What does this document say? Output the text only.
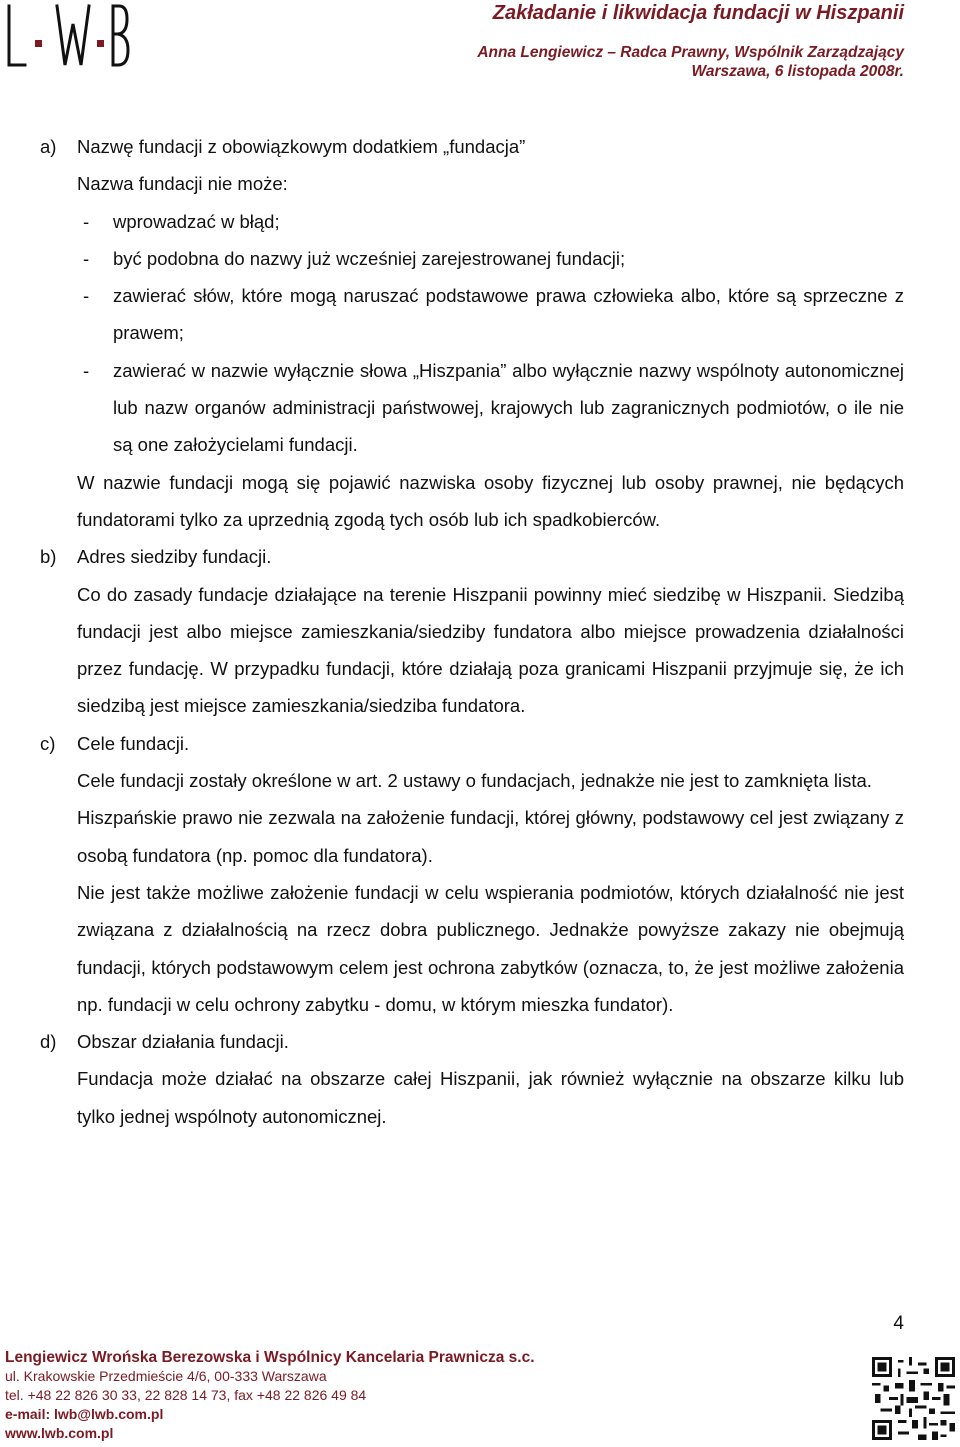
Zakładanie i likwidacja fundacji w Hiszpanii
Anna Lengiewicz – Radca Prawny, Wspólnik Zarządzający
Warszawa, 6 listopada 2008r.

a)	Nazwę fundacji z obowiązkowym dodatkiem „fundacja”

Nazwa fundacji nie może:

-	wprowadzać w błąd;
-	być podobna do nazwy już wcześniej zarejestrowanej fundacji;
-	zawierać słów, które mogą naruszać podstawowe prawa człowieka albo, które są sprzeczne z prawem;
-	zawierać w nazwie wyłącznie słowa „Hiszpania” albo wyłącznie nazwy wspólnoty autonomicznej lub nazw organów administracji państwowej, krajowych lub zagranicznych podmiotów, o ile nie są one założycielami fundacji.

W nazwie fundacji mogą się pojawić nazwiska osoby fizycznej lub osoby prawnej, nie będących fundatorami tylko za uprzednią zgodą tych osób lub ich spadkobierców.

b)	Adres siedziby fundacji.

Co do zasady fundacje działające na terenie Hiszpanii powinny mieć siedzibę w Hiszpanii. Siedzibą fundacji jest albo miejsce zamieszkania/siedziby fundatora albo miejsce prowadzenia działalności przez fundację. W przypadku fundacji, które działają poza granicami Hiszpanii przyjmuje się, że ich siedzibą jest miejsce zamieszkania/siedziba fundatora.

c)	Cele fundacji.

Cele fundacji zostały określone w art. 2 ustawy o fundacjach, jednakże nie jest to zamknięta lista.

Hiszpańskie prawo nie zezwala na założenie fundacji, której główny, podstawowy cel jest związany z osobą fundatora (np. pomoc dla fundatora).

Nie jest także możliwe założenie fundacji w celu wspierania podmiotów, których działalność nie jest związana z działalnością na rzecz dobra publicznego. Jednakże powyższe zakazy nie obejmują fundacji, których podstawowym celem jest ochrona zabytków (oznacza, to, że jest możliwe założenia np. fundacji w celu ochrony zabytku - domu, w którym mieszka fundator).

d)	Obszar działania fundacji.

Fundacja może działać na obszarze całej Hiszpanii, jak również wyłącznie na obszarze kilku lub tylko jednej wspólnoty autonomicznej.

4
Lengiewicz Wrońska Berezowska i Wspólnicy Kancelaria Prawnicza s.c.
ul. Krakowskie Przedmieście 4/6, 00-333 Warszawa
tel. +48 22 826 30 33, 22 828 14 73, fax +48 22 826 49 84
e-mail: lwb@lwb.com.pl
www.lwb.com.pl
